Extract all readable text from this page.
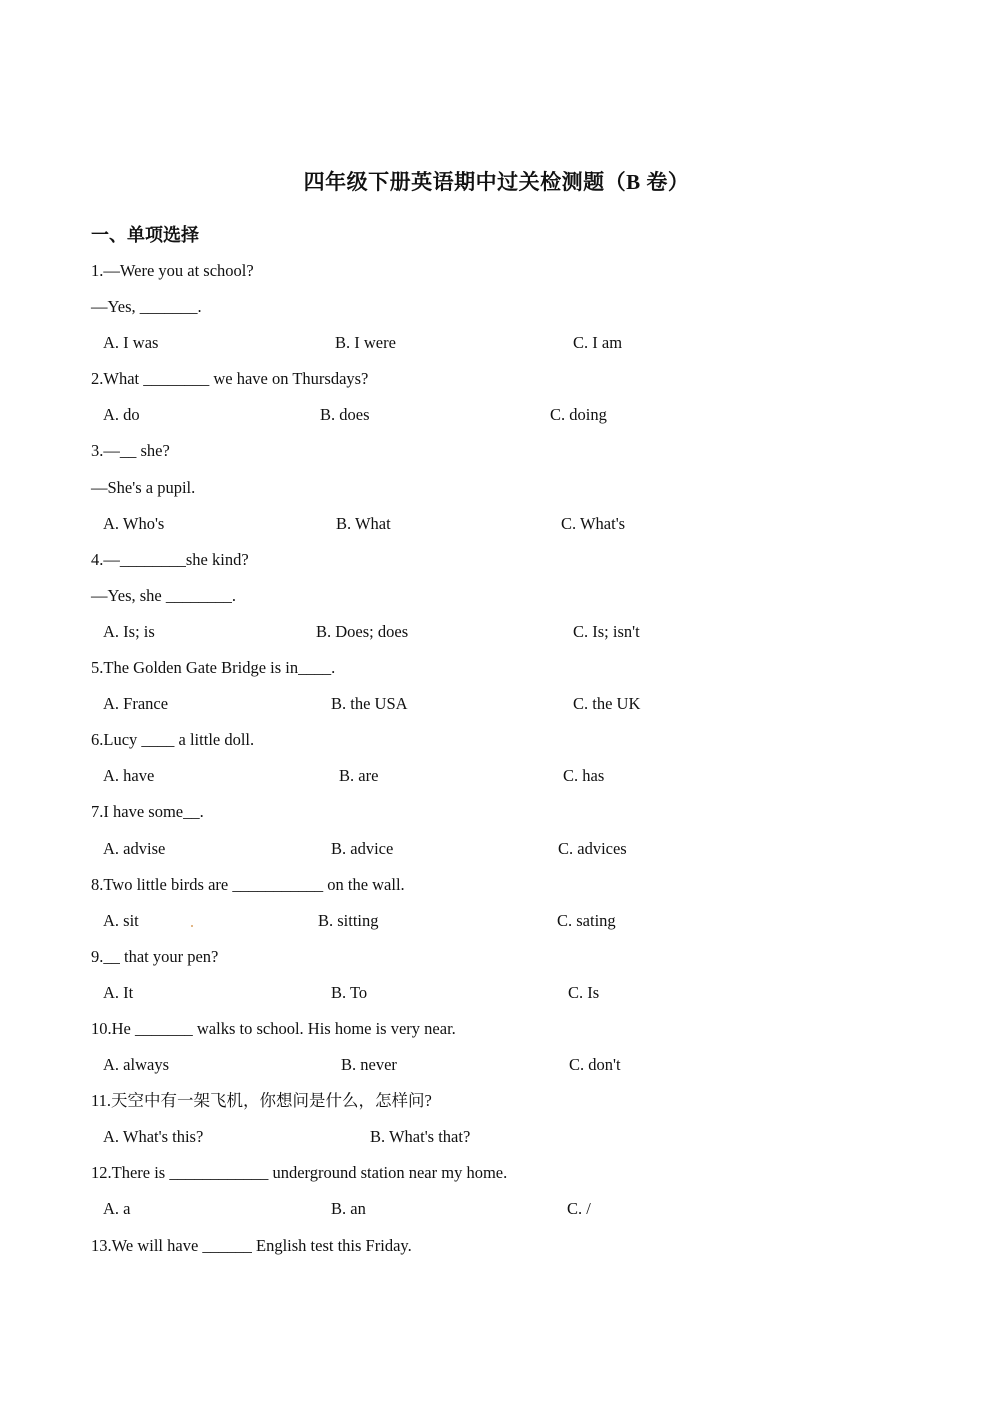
四年级下册英语期中过关检测题（B 卷）
一、单项选择
1.—Were you at school?
—Yes, _______.
A. I was	B. I were	C. I am
2.What ________ we have on Thursdays?
A. do	B. does	C. doing
3.—__ she?
—She's a pupil.
A. Who's	B. What	C. What's
4.—________she kind?
—Yes, she ________.
A. Is; is	B. Does; does	C. Is; isn't
5.The Golden Gate Bridge is in____.
A. France	B. the USA	C. the UK
6.Lucy ____ a little doll.
A. have	B. are	C. has
7.I have some__.
A. advise	B. advice	C. advices
8.Two little birds are ___________ on the wall.
A. sit	B. sitting	C. sating
9.__ that your pen?
A. It	B. To	C. Is
10.He _______ walks to school. His home is very near.
A. always	B. never	C. don't
11.天空中有一架飞机，你想问是什么，怎样问?
A. What's this?	B. What's that?
12.There is ____________ underground station near my home.
A. a	B. an	C. /
13.We will have ______ English test this Friday.
